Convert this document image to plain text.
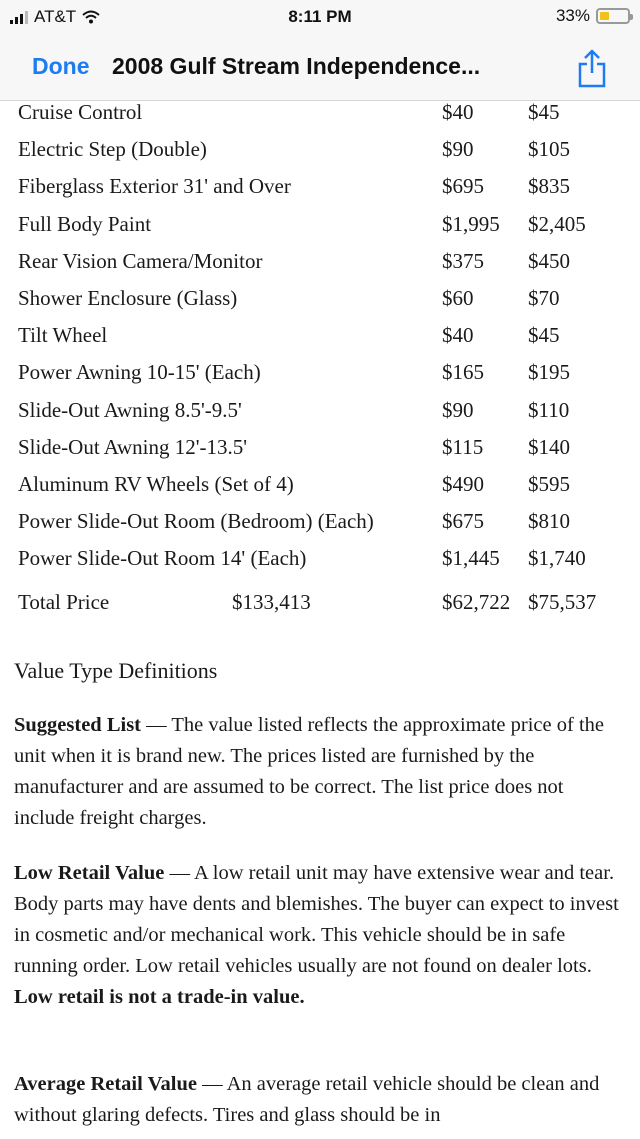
AT&T	8:11 PM	33%
Done 2008 Gulf Stream Independence...
Cruise Control	$40	$45
Electric Step (Double)	$90	$105
Fiberglass Exterior 31' and Over	$695 $835
Full Body Paint	$1,995 $2,405
Rear Vision Camera/Monitor	$375 $450
Shower Enclosure (Glass)	$60	$70
Tilt Wheel	$40	$45
Power Awning 10-15' (Each)	$165 $195
Slide-Out Awning 8.5'-9.5'	$90	$110
Slide-Out Awning 12'-13.5'	$115 $140
Aluminum RV Wheels (Set of 4)	$490 $595
Power Slide-Out Room (Bedroom) (Each)	$675 $810
Power Slide-Out Room 14' (Each)	$1,445 $1,740
Total Price	$133,413	$62,722 $75,537
Value Type Definitions
Suggested List — The value listed reflects the approximate price of the unit when it is brand new. The prices listed are furnished by the manufacturer and are assumed to be correct. The list price does not include freight charges.
Low Retail Value — A low retail unit may have extensive wear and tear. Body parts may have dents and blemishes. The buyer can expect to invest in cosmetic and/or mechanical work. This vehicle should be in safe running order. Low retail vehicles usually are not found on dealer lots. Low retail is not a trade-in value.
Average Retail Value — An average retail vehicle should be clean and without glaring defects. Tires and glass should be in
